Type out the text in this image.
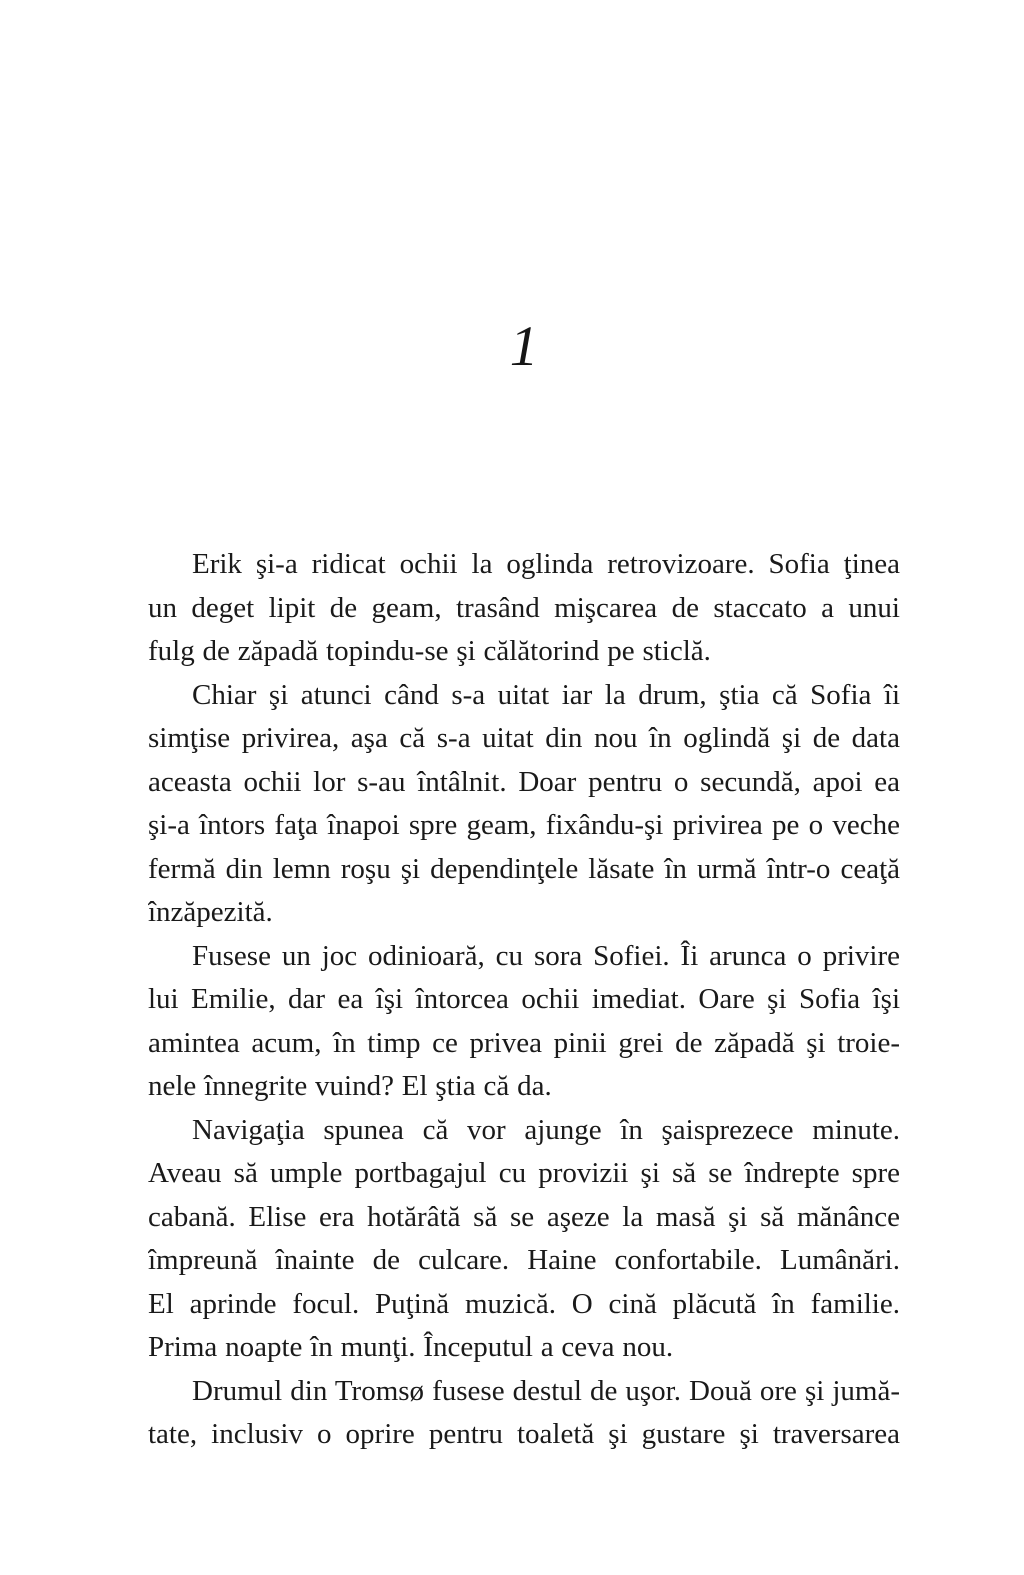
1
Erik şi-a ridicat ochii la oglinda retrovizoare. Sofia ţinea
un deget lipit de geam, trasând mişcarea de staccato a unui
fulg de zăpadă topindu-se şi călătorind pe sticlă.
Chiar şi atunci când s-a uitat iar la drum, ştia că Sofia îi
simţise privirea, aşa că s-a uitat din nou în oglindă şi de data
aceasta ochii lor s-au întâlnit. Doar pentru o secundă, apoi ea
şi-a întors faţa înapoi spre geam, fixându-şi privirea pe o veche
fermă din lemn roşu şi dependinţele lăsate în urmă într-o ceaţă
înzăpezită.
Fusese un joc odinioară, cu sora Sofiei. Îi arunca o privire
lui Emilie, dar ea îşi întorcea ochii imediat. Oare şi Sofia îşi
amintea acum, în timp ce privea pinii grei de zăpadă şi troie-
nele înnegrite vuind? El ştia că da.
Navigaţia spunea că vor ajunge în şaisprezece minute.
Aveau să umple portbagajul cu provizii şi să se îndrepte spre
cabană. Elise era hotărâtă să se aşeze la masă şi să mănânce
împreună înainte de culcare. Haine confortabile. Lumânări.
El aprinde focul. Puţină muzică. O cină plăcută în familie.
Prima noapte în munţi. Începutul a ceva nou.
Drumul din Tromsø fusese destul de uşor. Două ore şi jumă-
tate, inclusiv o oprire pentru toaletă şi gustare şi traversarea
